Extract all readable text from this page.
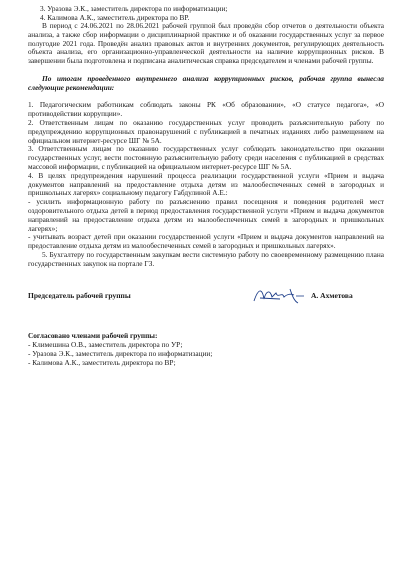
3. Уразова Э.К., заместитель директора по информатизации;
4. Калимова А.К., заместитель директора по ВР.

В период с 24.06.2021 по 28.06.2021 рабочей группой был проведён сбор отчетов о деятельности объекта анализа, а также сбор информации о дисциплинарной практике и об оказании государственных услуг за первое полугодие 2021 года. Проведён анализ правовых актов и внутренних документов, регулирующих деятельность объекта анализа, его организационно-управленческой деятельности на наличие коррупционных рисков. В завершении была подготовлена и подписана аналитическая справка председателем и членами рабочей группы.

По итогам проведенного внутреннего анализа коррупционных рисков, рабочая группа вынесла следующие рекомендации:

1. Педагогическим работникам соблюдать законы РК «Об образовании», «О статусе педагога», «О противодействии коррупции».

2. Ответственным лицам по оказанию государственных услуг проводить разъяснительную работу по предупреждению коррупционных правонарушений с публикацией в печатных изданиях либо размещением на официальном интернет-ресурсе ШГ № 5А.

3. Ответственным лицам по оказанию государственных услуг соблюдать законодательство при оказании государственных услуг, вести постоянную разъяснительную работу среди населения с публикацией в средствах массовой информации, с публикацией на официальном интернет-ресурсе ШГ № 5А.

4. В целях предупреждения нарушений процесса реализации государственной услуги «Прием и выдача документов направлений на предоставление отдыха детям из малообеспеченных семей в загородных и пришкольных лагерях» социальному педагогу Габдулиной А.Е.:

- усилить информационную работу по разъяснению правил посещения и поведения родителей мест оздоровительного отдыха детей в период предоставления государственной услуги «Прием и выдача документов направлений на предоставление отдыха детям из малообеспеченных семей в загородных и пришкольных лагерях»;

- учитывать возраст детей при оказании государственной услуги «Прием и выдача документов направлений на предоставление отдыха детям из малообеспеченных семей в загородных и пришкольных лагерях».

5. Бухгалтеру по государственным закупкам вести системную работу по своевременному размещению плана государственных закупок на портале ГЗ.

Председатель рабочей группы	А. Ахметова
Согласовано членами рабочей группы:
- Климешина О.В., заместитель директора по УР;
- Уразова Э.К., заместитель директора по информатизации;
- Калимова А.К., заместитель директора по ВР;
